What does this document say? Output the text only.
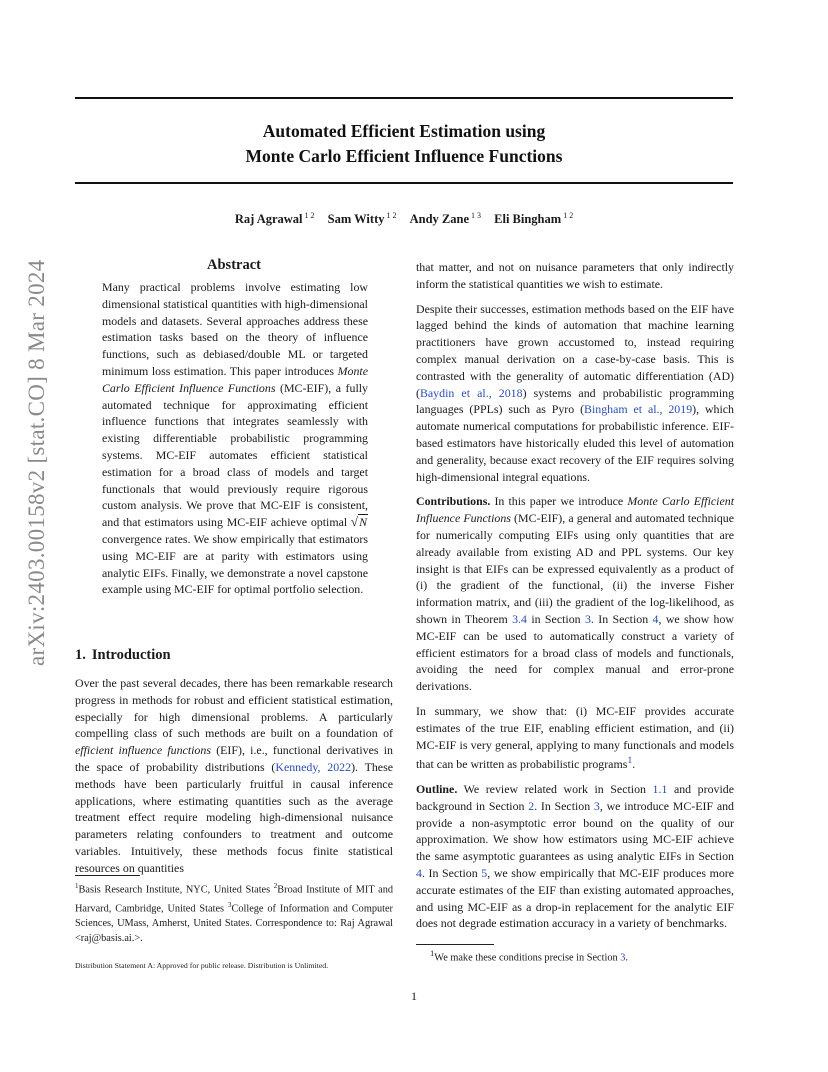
Automated Efficient Estimation using
Monte Carlo Efficient Influence Functions
Raj Agrawal $^{1 2}$ Sam Witty $^{1 2}$ Andy Zane $^{1 3}$ Eli Bingham $^{1 2}$
arXiv:2403.00158v2 [stat.CO] 8 Mar 2024	Abstract
Many practical problems involve estimating low dimensional statistical quantities with high-dimensional models and datasets. Several approaches address these estimation tasks based on the theory of influence functions, such as debiased/double ML or targeted minimum loss estimation. This paper introduces Monte Carlo Efficient Influence Functions (MC-EIF), a fully automated technique for approximating efficient influence functions that integrates seamlessly with existing differentiable probabilistic programming systems. MC-EIF automates efficient statistical estimation for a broad class of models and target functionals that would previously require rigorous custom analysis. We prove that MC-EIF is consistent, and that estimators using MC-EIF achieve optimal √N convergence rates. We show empirically that estimators using MC-EIF are at parity with estimators using analytic EIFs. Finally, we demonstrate a novel capstone example using MC-EIF for optimal portfolio selection.
1. Introduction
Over the past several decades, there has been remarkable research progress in methods for robust and efficient statistical estimation, especially for high dimensional problems. A particularly compelling class of such methods are built on a foundation of efficient influence functions (EIF), i.e., functional derivatives in the space of probability distributions (Kennedy, 2022). These methods have been particularly fruitful in causal inference applications, where estimating quantities such as the average treatment effect require modeling high-dimensional nuisance parameters relating confounders to treatment and outcome variables. Intuitively, these methods focus finite statistical resources on quantities
$^1$Basis Research Institute, NYC, United States $^2$Broad Institute of MIT and Harvard, Cambridge, United States $^3$College of Information and Computer Sciences, UMass, Amherst, United States. Correspondence to: Raj Agrawal <raj@basis.ai.>.
Distribution Statement A: Approved for public release. Distribution is Unlimited.

that matter, and not on nuisance parameters that only indirectly inform the statistical quantities we wish to estimate.

Despite their successes, estimation methods based on the EIF have lagged behind the kinds of automation that machine learning practitioners have grown accustomed to, instead requiring complex manual derivation on a case-by-case basis. This is contrasted with the generality of automatic differentiation (AD) (Baydin et al., 2018) systems and probabilistic programming languages (PPLs) such as Pyro (Bingham et al., 2019), which automate numerical computations for probabilistic inference. EIF-based estimators have historically eluded this level of automation and generality, because exact recovery of the EIF requires solving high-dimensional integral equations.

Contributions. In this paper we introduce Monte Carlo Efficient Influence Functions (MC-EIF), a general and automated technique for numerically computing EIFs using only quantities that are already available from existing AD and PPL systems. Our key insight is that EIFs can be expressed equivalently as a product of (i) the gradient of the functional, (ii) the inverse Fisher information matrix, and (iii) the gradient of the log-likelihood, as shown in Theorem 3.4 in Section 3. In Section 4, we show how MC-EIF can be used to automatically construct a variety of efficient estimators for a broad class of models and functionals, avoiding the need for complex manual and error-prone derivations.

In summary, we show that: (i) MC-EIF provides accurate estimates of the true EIF, enabling efficient estimation, and (ii) MC-EIF is very general, applying to many functionals and models that can be written as probabilistic programs$^1$.

Outline. We review related work in Section 1.1 and provide background in Section 2. In Section 3, we introduce MC-EIF and provide a non-asymptotic error bound on the quality of our approximation. We show how estimators using MC-EIF achieve the same asymptotic guarantees as using analytic EIFs in Section 4. In Section 5, we show empirically that MC-EIF produces more accurate estimates of the EIF than existing automated approaches, and using MC-EIF as a drop-in replacement for the analytic EIF does not degrade estimation accuracy in a variety of benchmarks.

$^1$We make these conditions precise in Section 3.
1
